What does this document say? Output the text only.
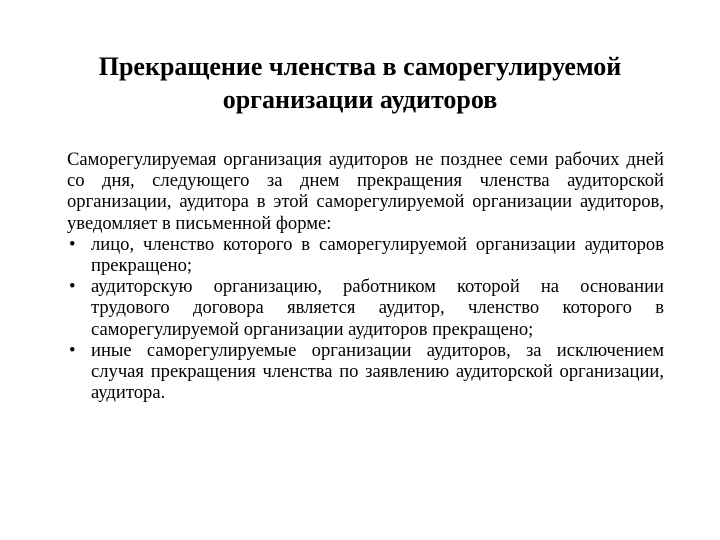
Прекращение членства в саморегулируемой
организации аудиторов

Саморегулируемая организация аудиторов не позднее семи рабочих дней со дня, следующего за днем прекращения членства аудиторской организации, аудитора в этой саморегулируемой организации аудиторов, уведомляет в письменной форме:

• лицо, членство которого в саморегулируемой организации аудиторов прекращено;
• аудиторскую организацию, работником которой на основании трудового договора является аудитор, членство которого в саморегулируемой организации аудиторов прекращено;
• иные саморегулируемые организации аудиторов, за исключением случая прекращения членства по заявлению аудиторской организации, аудитора.
